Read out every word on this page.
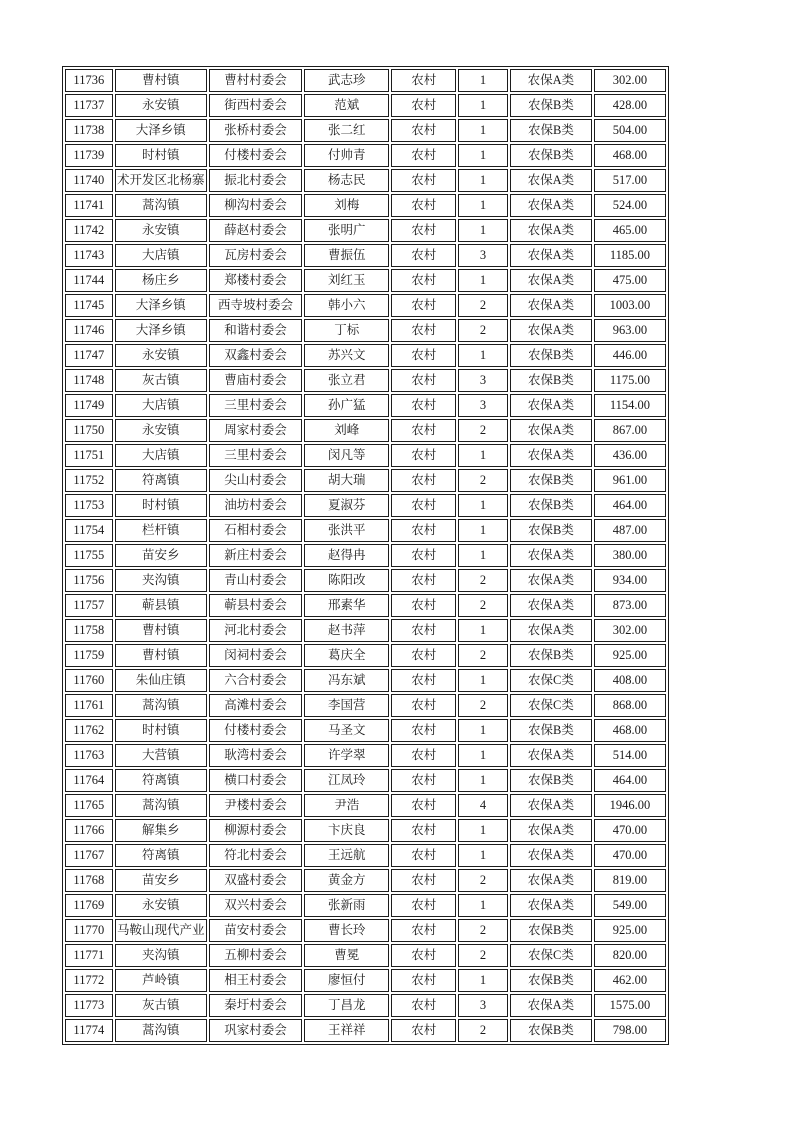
11736	曹村镇	曹村村委会	武志珍	农村	1	农保A类	302.00
11737	永安镇	街西村委会	范斌	农村	1	农保B类	428.00
11738	大泽乡镇	张桥村委会	张二红	农村	1	农保B类	504.00
11739	时村镇	付楼村委会	付帅青	农村	1	农保B类	468.00
11740	术开发区北杨寨	振北村委会	杨志民	农村	1	农保A类	517.00
11741	蒿沟镇	柳沟村委会	刘梅	农村	1	农保A类	524.00
11742	永安镇	薛赵村委会	张明广	农村	1	农保A类	465.00
11743	大店镇	瓦房村委会	曹振伍	农村	3	农保A类	1185.00
11744	杨庄乡	郑楼村委会	刘红玉	农村	1	农保A类	475.00
11745	大泽乡镇	西寺坡村委会	韩小六	农村	2	农保A类	1003.00
11746	大泽乡镇	和谐村委会	丁标	农村	2	农保A类	963.00
11747	永安镇	双鑫村委会	苏兴文	农村	1	农保B类	446.00
11748	灰古镇	曹庙村委会	张立君	农村	3	农保B类	1175.00
11749	大店镇	三里村委会	孙广猛	农村	3	农保A类	1154.00
11750	永安镇	周家村委会	刘峰	农村	2	农保A类	867.00
11751	大店镇	三里村委会	闵凡等	农村	1	农保A类	436.00
11752	符离镇	尖山村委会	胡大瑞	农村	2	农保B类	961.00
11753	时村镇	油坊村委会	夏淑芬	农村	1	农保B类	464.00
11754	栏杆镇	石相村委会	张洪平	农村	1	农保B类	487.00
11755	苗安乡	新庄村委会	赵得冉	农村	1	农保A类	380.00
11756	夹沟镇	青山村委会	陈阳改	农村	2	农保A类	934.00
11757	蕲县镇	蕲县村委会	邢素华	农村	2	农保A类	873.00
11758	曹村镇	河北村委会	赵书萍	农村	1	农保A类	302.00
11759	曹村镇	闵祠村委会	葛庆全	农村	2	农保B类	925.00
11760	朱仙庄镇	六合村委会	冯东斌	农村	1	农保C类	408.00
11761	蒿沟镇	高滩村委会	李国营	农村	2	农保C类	868.00
11762	时村镇	付楼村委会	马圣文	农村	1	农保B类	468.00
11763	大营镇	耿湾村委会	许学翠	农村	1	农保A类	514.00
11764	符离镇	横口村委会	江凤玲	农村	1	农保B类	464.00
11765	蒿沟镇	尹楼村委会	尹浩	农村	4	农保A类	1946.00
11766	解集乡	柳源村委会	卞庆良	农村	1	农保A类	470.00
11767	符离镇	符北村委会	王远航	农村	1	农保A类	470.00
11768	苗安乡	双盛村委会	黄金方	农村	2	农保A类	819.00
11769	永安镇	双兴村委会	张新雨	农村	1	农保A类	549.00
11770	马鞍山现代产业	苗安村委会	曹长玲	农村	2	农保B类	925.00
11771	夹沟镇	五柳村委会	曹冕	农村	2	农保C类	820.00
11772	芦岭镇	相王村委会	廖恒付	农村	1	农保B类	462.00
11773	灰古镇	秦圩村委会	丁昌龙	农村	3	农保A类	1575.00
11774	蒿沟镇	巩家村委会	王祥祥	农村	2	农保B类	798.00
